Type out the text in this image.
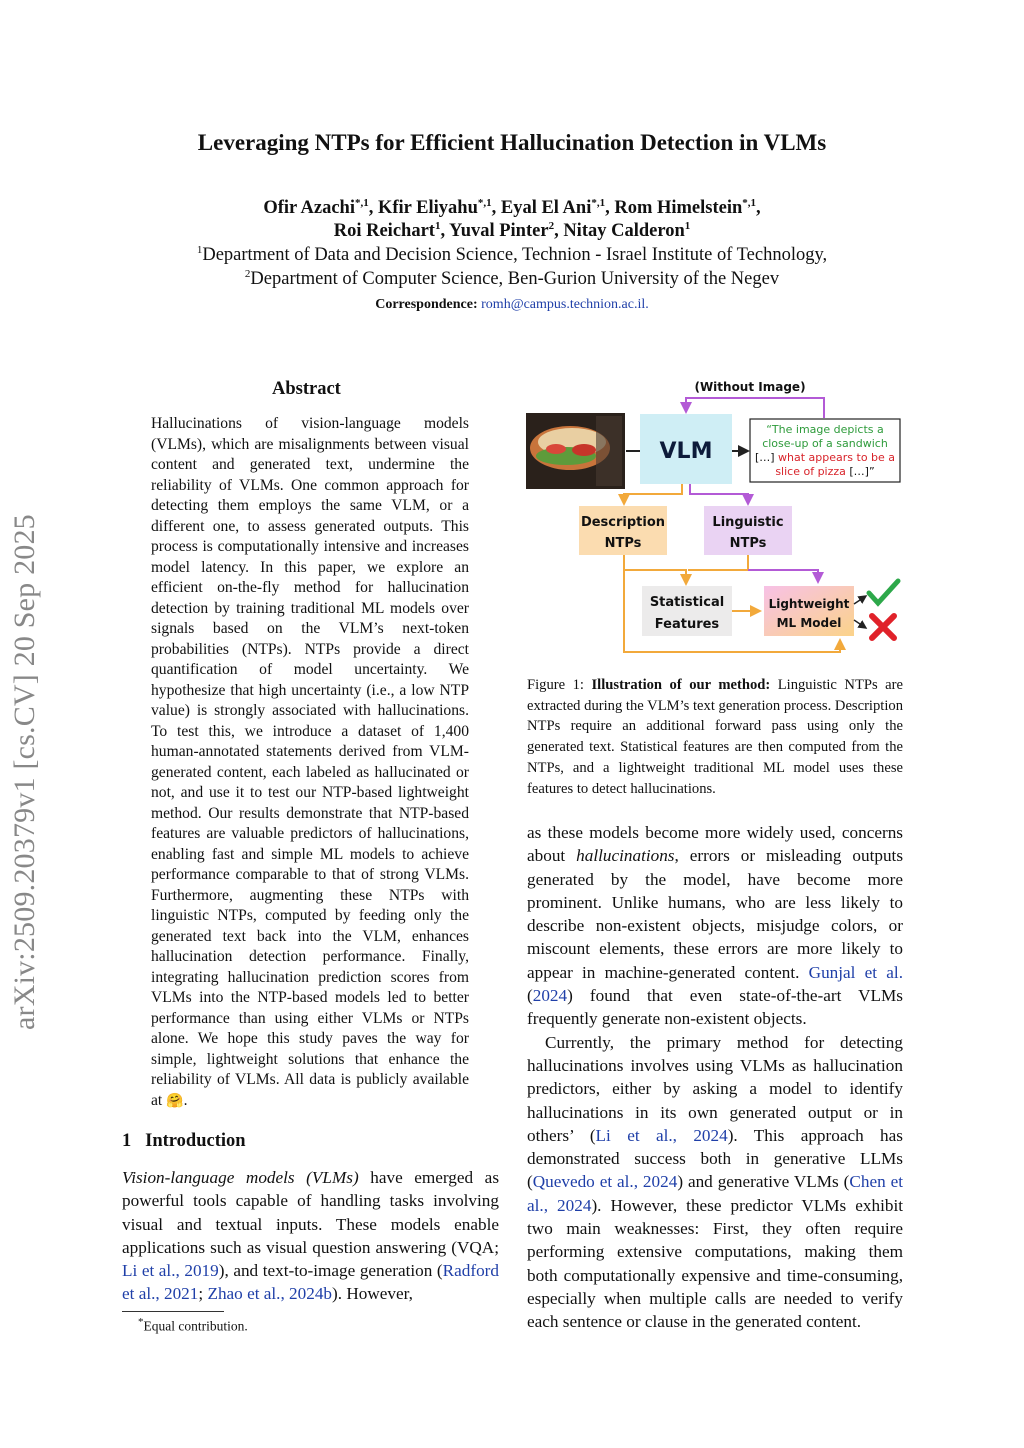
Leveraging NTPs for Efficient Hallucination Detection in VLMs
Ofir Azachi$^{*,1}$, Kfir Eliyahu$^{*,1}$, Eyal El Ani$^{*,1}$, Rom Himelstein$^{*,1}$,
Roi Reichart$^1$, Yuval Pinter$^2$, Nitay Calderon$^1$
$^1$Department of Data and Decision Science, Technion - Israel Institute of Technology,
$^2$Department of Computer Science, Ben-Gurion University of the Negev
Correspondence: romh@campus.technion.ac.il.
arXiv:2509.20379v1 [cs.CV] 20 Sep 2025
Abstract
Hallucinations of vision-language models (VLMs), which are misalignments between visual content and generated text, undermine the reliability of VLMs. One common approach for detecting them employs the same VLM, or a different one, to assess generated outputs. This process is computationally intensive and increases model latency. In this paper, we explore an efficient on-the-fly method for hallucination detection by training traditional ML models over signals based on the VLM’s next-token probabilities (NTPs). NTPs provide a direct quantification of model uncertainty. We hypothesize that high uncertainty (i.e., a low NTP value) is strongly associated with hallucinations. To test this, we introduce a dataset of 1,400 human-annotated statements derived from VLM-generated content, each labeled as hallucinated or not, and use it to test our NTP-based lightweight method. Our results demonstrate that NTP-based features are valuable predictors of hallucinations, enabling fast and simple ML models to achieve performance comparable to that of strong VLMs. Furthermore, augmenting these NTPs with linguistic NTPs, computed by feeding only the generated text back into the VLM, enhances hallucination detection performance. Finally, integrating hallucination prediction scores from VLMs into the NTP-based models led to better performance than using either VLMs or NTPs alone. We hope this study paves the way for simple, lightweight solutions that enhance the reliability of VLMs. All data is publicly available at 🤗.
1 Introduction
Vision-language models (VLMs) have emerged as powerful tools capable of handling tasks involving visual and textual inputs. These models enable applications such as visual question answering (VQA; Li et al., 2019), and text-to-image generation (Radford et al., 2021; Zhao et al., 2024b). However,
*Equal contribution.

as these models become more widely used, concerns about hallucinations, errors or misleading outputs generated by the model, have become more prominent. Unlike humans, who are less likely to describe non-existent objects, misjudge colors, or miscount elements, these errors are more likely to appear in machine-generated content. Gunjal et al. (2024) found that even state-of-the-art VLMs frequently generate non-existent objects.

Currently, the primary method for detecting hallucinations involves using VLMs as hallucination predictors, either by asking a model to identify hallucinations in its own generated output or in others’ (Li et al., 2024). This approach has demonstrated success both in generative LLMs (Quevedo et al., 2024) and generative VLMs (Chen et al., 2024). However, these predictor VLMs exhibit two main weaknesses: First, they often require performing extensive computations, making them both computationally expensive and time-consuming, especially when multiple calls are needed to verify each sentence or clause in the generated content.

(Without Image)
VLM
“The image depicts a
close-up of a sandwich
[…] what appears to be a
slice of pizza […]”
Description
NTPs
Linguistic
NTPs
Statistical
Features
Lightweight
ML Model
Figure 1: Illustration of our method: Linguistic NTPs are extracted during the VLM’s text generation process. Description NTPs require an additional forward pass using only the generated text. Statistical features are then computed from the NTPs, and a lightweight traditional ML model uses these features to detect hallucinations.
